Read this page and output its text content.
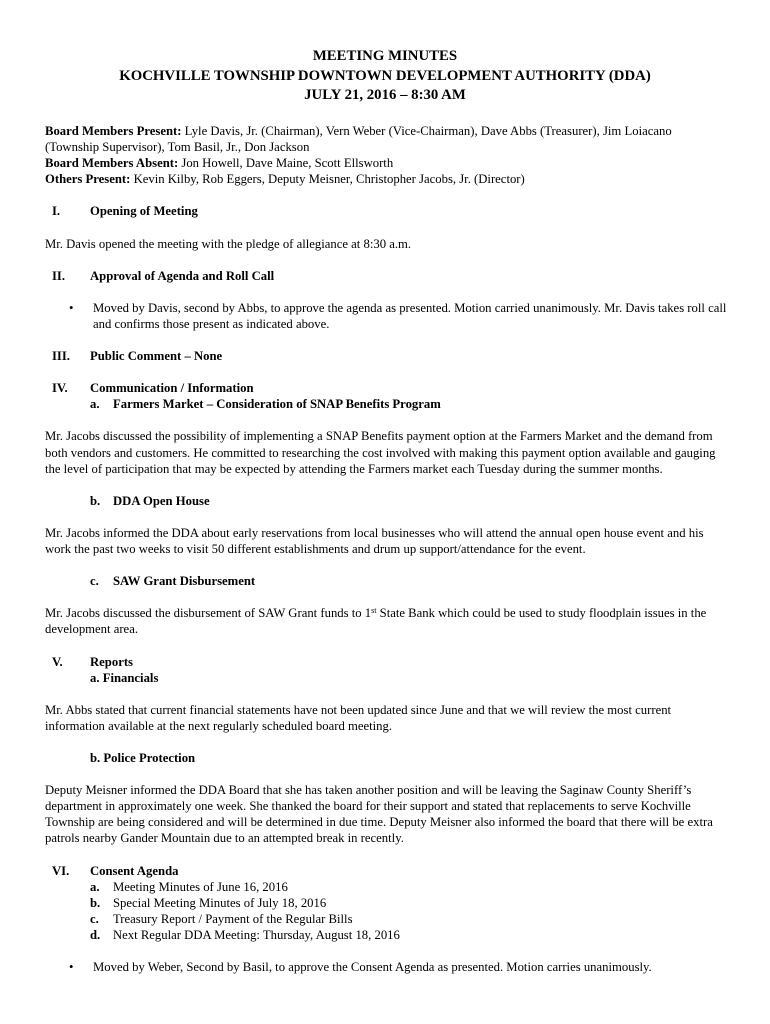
MEETING MINUTES
KOCHVILLE TOWNSHIP DOWNTOWN DEVELOPMENT AUTHORITY (DDA)
JULY 21, 2016 – 8:30 AM
Board Members Present: Lyle Davis, Jr. (Chairman), Vern Weber (Vice-Chairman), Dave Abbs (Treasurer), Jim Loiacano
(Township Supervisor), Tom Basil, Jr., Don Jackson
Board Members Absent: Jon Howell, Dave Maine, Scott Ellsworth
Others Present: Kevin Kilby, Rob Eggers, Deputy Meisner, Christopher Jacobs, Jr. (Director)
I. Opening of Meeting
Mr. Davis opened the meeting with the pledge of allegiance at 8:30 a.m.
II. Approval of Agenda and Roll Call
•
Moved by Davis, second by Abbs, to approve the agenda as presented. Motion carried unanimously. Mr. Davis takes roll call
and confirms those present as indicated above.
III. Public Comment – None
IV. Communication / Information
a. Farmers Market – Consideration of SNAP Benefits Program
Mr. Jacobs discussed the possibility of implementing a SNAP Benefits payment option at the Farmers Market and the demand from
both vendors and customers. He committed to researching the cost involved with making this payment option available and gauging
the level of participation that may be expected by attending the Farmers market each Tuesday during the summer months.
b. DDA Open House
Mr. Jacobs informed the DDA about early reservations from local businesses who will attend the annual open house event and his
work the past two weeks to visit 50 different establishments and drum up support/attendance for the event.
c. SAW Grant Disbursement
Mr. Jacobs discussed the disbursement of SAW Grant funds to 1st State Bank which could be used to study floodplain issues in the
development area.
V. Reports
a. Financials
Mr. Abbs stated that current financial statements have not been updated since June and that we will review the most current
information available at the next regularly scheduled board meeting.
b. Police Protection
Deputy Meisner informed the DDA Board that she has taken another position and will be leaving the Saginaw County Sheriff’s
department in approximately one week. She thanked the board for their support and stated that replacements to serve Kochville
Township are being considered and will be determined in due time. Deputy Meisner also informed the board that there will be extra
patrols nearby Gander Mountain due to an attempted break in recently.
VI. Consent Agenda
a. Meeting Minutes of June 16, 2016
b. Special Meeting Minutes of July 18, 2016
c. Treasury Report / Payment of the Regular Bills
d. Next Regular DDA Meeting: Thursday, August 18, 2016
•
Moved by Weber, Second by Basil, to approve the Consent Agenda as presented. Motion carries unanimously.
